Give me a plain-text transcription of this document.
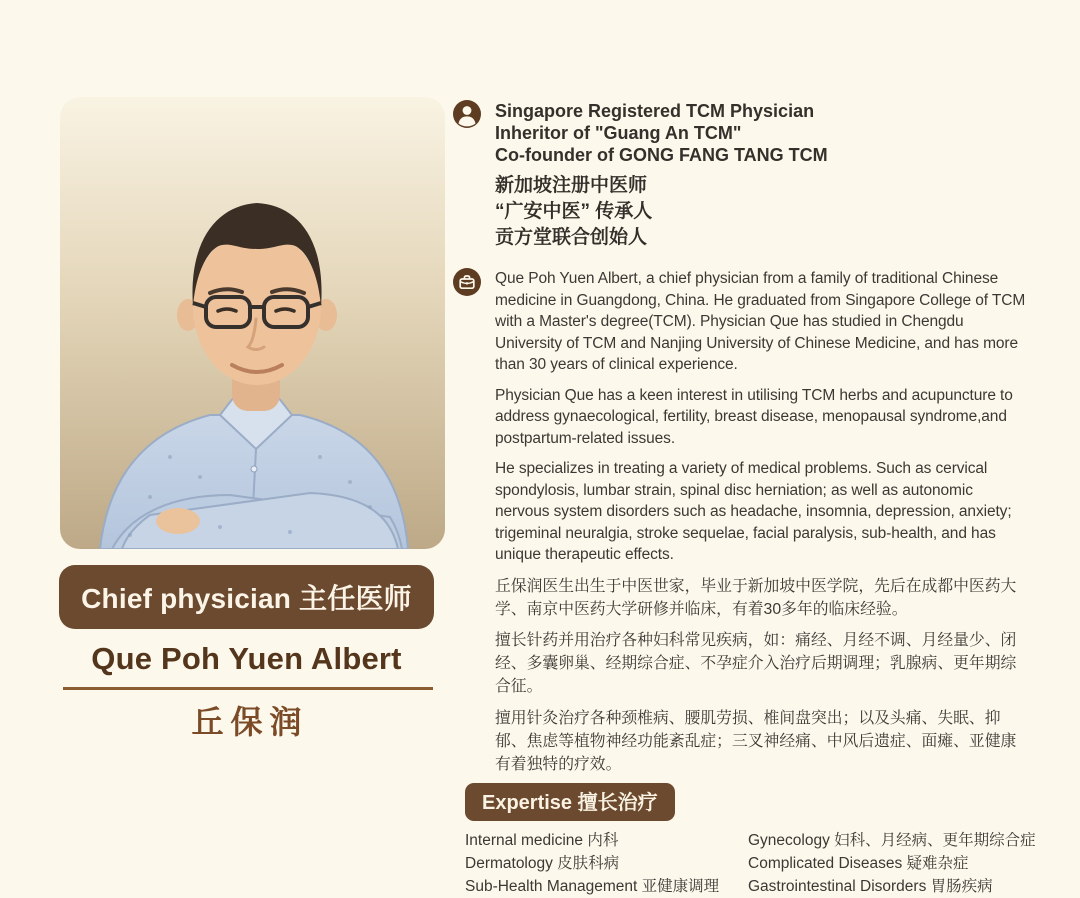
Chief physician 主任医师
Que Poh Yuen Albert
丘保润
Singapore Registered TCM Physician
Inheritor of "Guang An TCM"
Co-founder of GONG FANG TANG TCM
新加坡注册中医师
“广安中医” 传承人
贡方堂联合创始人

Que Poh Yuen Albert, a chief physician from a family of traditional Chinese medicine in Guangdong, China. He graduated from Singapore College of TCM with a Master's degree(TCM). Physician Que has studied in Chengdu University of TCM and Nanjing University of Chinese Medicine, and has more than 30 years of clinical experience.

Physician Que has a keen interest in utilising TCM herbs and acupuncture to address gynaecological, fertility, breast disease, menopausal syndrome,and postpartum-related issues.

He specializes in treating a variety of medical problems. Such as cervical spondylosis, lumbar strain, spinal disc herniation; as well as autonomic nervous system disorders such as headache, insomnia, depression, anxiety; trigeminal neuralgia, stroke sequelae, facial paralysis, sub-health, and has unique therapeutic effects.

丘保润医生出生于中医世家，毕业于新加坡中医学院，先后在成都中医药大学、南京中医药大学研修并临床，有着30多年的临床经验。

擅长针药并用治疗各种妇科常见疾病，如：痛经、月经不调、月经量少、闭经、多囊卵巢、经期综合症、不孕症介入治疗后期调理；乳腺病、更年期综合征。

擅用针灸治疗各种颈椎病、腰肌劳损、椎间盘突出；以及头痛、失眠、抑郁、焦虑等植物神经功能紊乱症；三叉神经痛、中风后遗症、面瘫、亚健康有着独特的疗效。

Expertise 擅长治疗
Internal medicine 内科
Dermatology 皮肤科病
Sub-Health Management 亚健康调理
Gynecology 妇科、月经病、更年期综合症
Complicated Diseases 疑难杂症
Gastrointestinal Disorders 胃肠疾病
